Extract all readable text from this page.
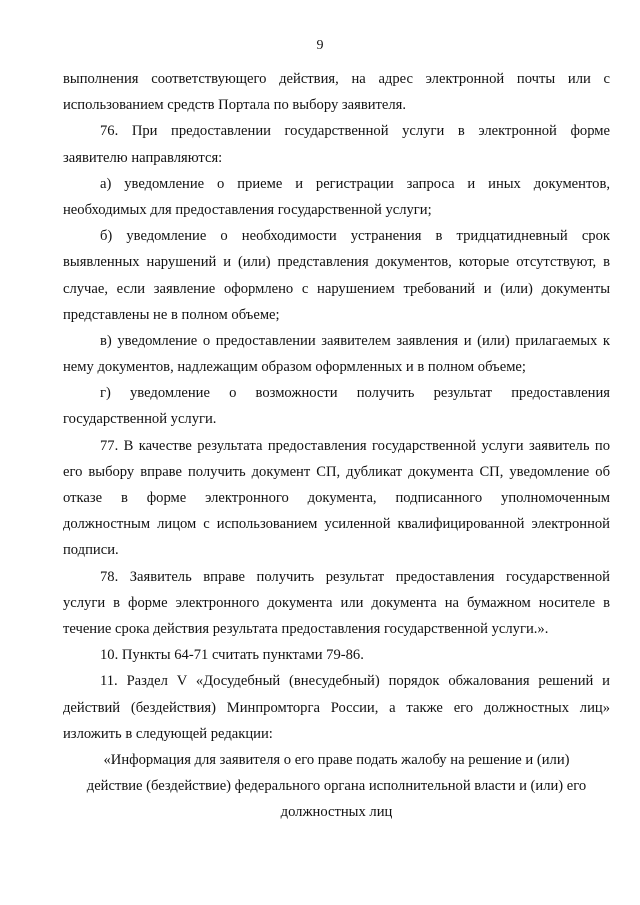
9
выполнения соответствующего действия, на адрес электронной почты или с
использованием средств Портала по выбору заявителя.
76. При предоставлении государственной услуги в электронной форме
заявителю направляются:
а) уведомление о приеме и регистрации запроса и иных документов,
необходимых для предоставления государственной услуги;
б) уведомление о необходимости устранения в тридцатидневный срок
выявленных нарушений и (или) представления документов, которые отсутствуют, в
случае, если заявление оформлено с нарушением требований и (или) документы
представлены не в полном объеме;
в) уведомление о предоставлении заявителем заявления и (или) прилагаемых к
нему документов, надлежащим образом оформленных и в полном объеме;
г) уведомление о возможности получить результат предоставления
государственной услуги.
77. В качестве результата предоставления государственной услуги заявитель по
его выбору вправе получить документ СП, дубликат документа СП, уведомление об
отказе в форме электронного документа, подписанного уполномоченным
должностным лицом с использованием усиленной квалифицированной электронной
подписи.
78. Заявитель вправе получить результат предоставления государственной
услуги в форме электронного документа или документа на бумажном носителе в
течение срока действия результата предоставления государственной услуги.».
10. Пункты 64-71 считать пунктами 79-86.
11. Раздел V «Досудебный (внесудебный) порядок обжалования решений и
действий (бездействия) Минпромторга России, а также его должностных лиц»
изложить в следующей редакции:
«Информация для заявителя о его праве подать жалобу на решение и (или)
действие (бездействие) федерального органа исполнительной власти и (или) его
должностных лиц
